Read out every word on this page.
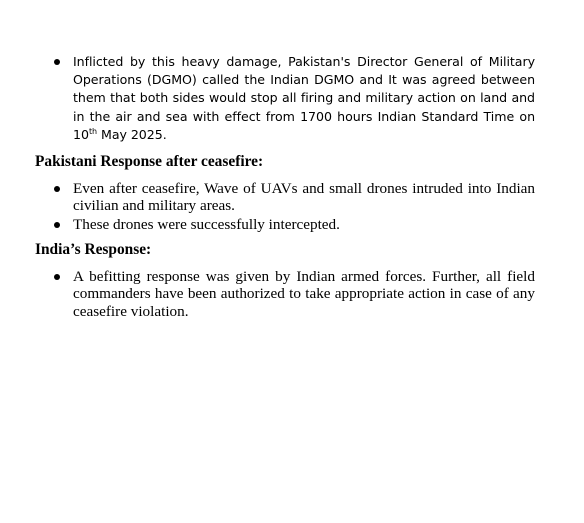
Inflicted by this heavy damage, Pakistan's Director General of Military Operations (DGMO) called the Indian DGMO and It was agreed between them that both sides would stop all firing and military action on land and in the air and sea with effect from 1700 hours Indian Standard Time on 10th May 2025.
Pakistani Response after ceasefire:
Even after ceasefire, Wave of UAVs and small drones intruded into Indian civilian and military areas.
These drones were successfully intercepted.
India’s Response:
A befitting response was given by Indian armed forces. Further, all field commanders have been authorized to take appropriate action in case of any ceasefire violation.
